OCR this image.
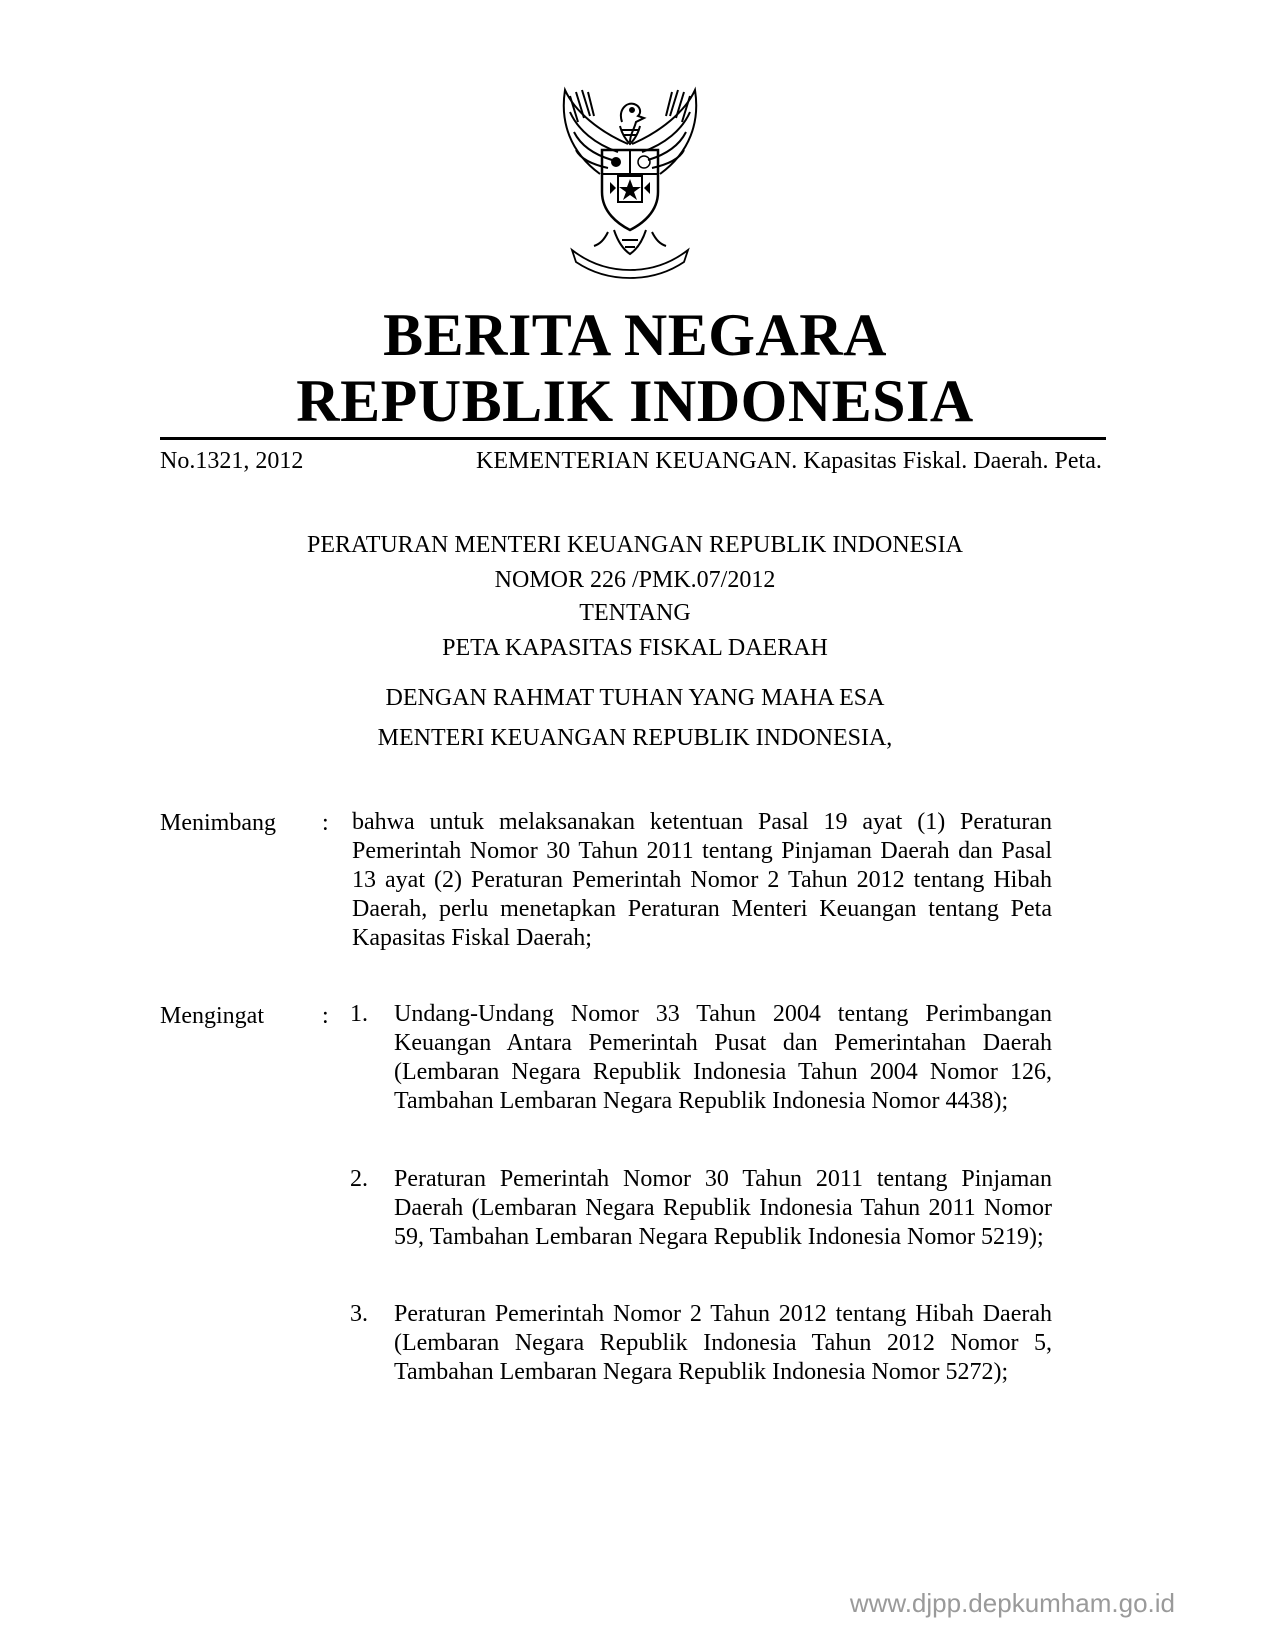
BERITA NEGARA
REPUBLIK INDONESIA
No.1321, 2012	KEMENTERIAN KEUANGAN. Kapasitas Fiskal. Daerah. Peta.
PERATURAN MENTERI KEUANGAN REPUBLIK INDONESIA
NOMOR 226 /PMK.07/2012
TENTANG
PETA KAPASITAS FISKAL DAERAH
DENGAN RAHMAT TUHAN YANG MAHA ESA
MENTERI KEUANGAN REPUBLIK INDONESIA,
Menimbang : bahwa untuk melaksanakan ketentuan Pasal 19 ayat (1) Peraturan Pemerintah Nomor 30 Tahun 2011 tentang Pinjaman Daerah dan Pasal 13 ayat (2) Peraturan Pemerintah Nomor 2 Tahun 2012 tentang Hibah Daerah, perlu menetapkan Peraturan Menteri Keuangan tentang Peta Kapasitas Fiskal Daerah;
Mengingat : 1. Undang-Undang Nomor 33 Tahun 2004 tentang Perimbangan Keuangan Antara Pemerintah Pusat dan Pemerintahan Daerah (Lembaran Negara Republik Indonesia Tahun 2004 Nomor 126, Tambahan Lembaran Negara Republik Indonesia Nomor 4438);
2. Peraturan Pemerintah Nomor 30 Tahun 2011 tentang Pinjaman Daerah (Lembaran Negara Republik Indonesia Tahun 2011 Nomor 59, Tambahan Lembaran Negara Republik Indonesia Nomor 5219);
3. Peraturan Pemerintah Nomor 2 Tahun 2012 tentang Hibah Daerah (Lembaran Negara Republik Indonesia Tahun 2012 Nomor 5, Tambahan Lembaran Negara Republik Indonesia Nomor 5272);
www.djpp.depkumham.go.id
